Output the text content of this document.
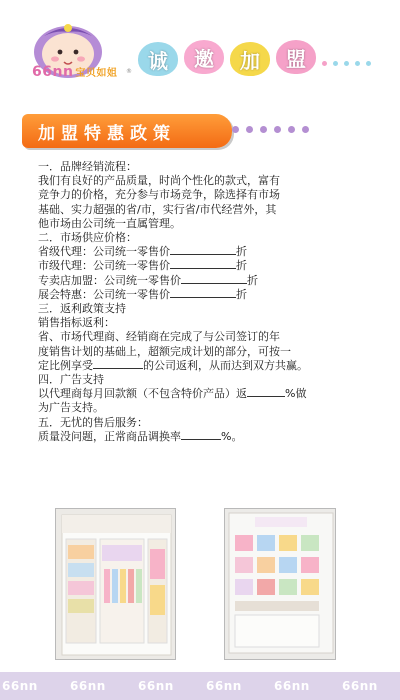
66nn 宝贝如姐 ® 诚	邀	加	盟
加盟特惠政策

一．品牌经销流程：

我们有良好的产品质量，时尚个性化的款式，富有

竞争力的价格，充分参与市场竞争，除选择有市场

基础、实力超强的省/市，实行省/市代经营外，其

他市场由公司统一直属管理。

二．市场供应价格：

省级代理：公司统一零售价	折

市级代理：公司统一零售价	折

专卖店加盟：公司统一零售价	折

展会特惠：公司统一零售价	折

三．返利政策支持

销售指标返利：

省、市场代理商、经销商在完成了与公司签订的年

度销售计划的基础上，超额完成计划的部分，可按一

定比例享受	的公司返利，从而达到双方共赢。

四．广告支持

以代理商每月回款额（不包含特价产品）返	%做

为广告支持。

五．无忧的售后服务：

质量没问题，正常商品调换率	%。

66nn	66nn	66nn	66nn	66nn	66nn
